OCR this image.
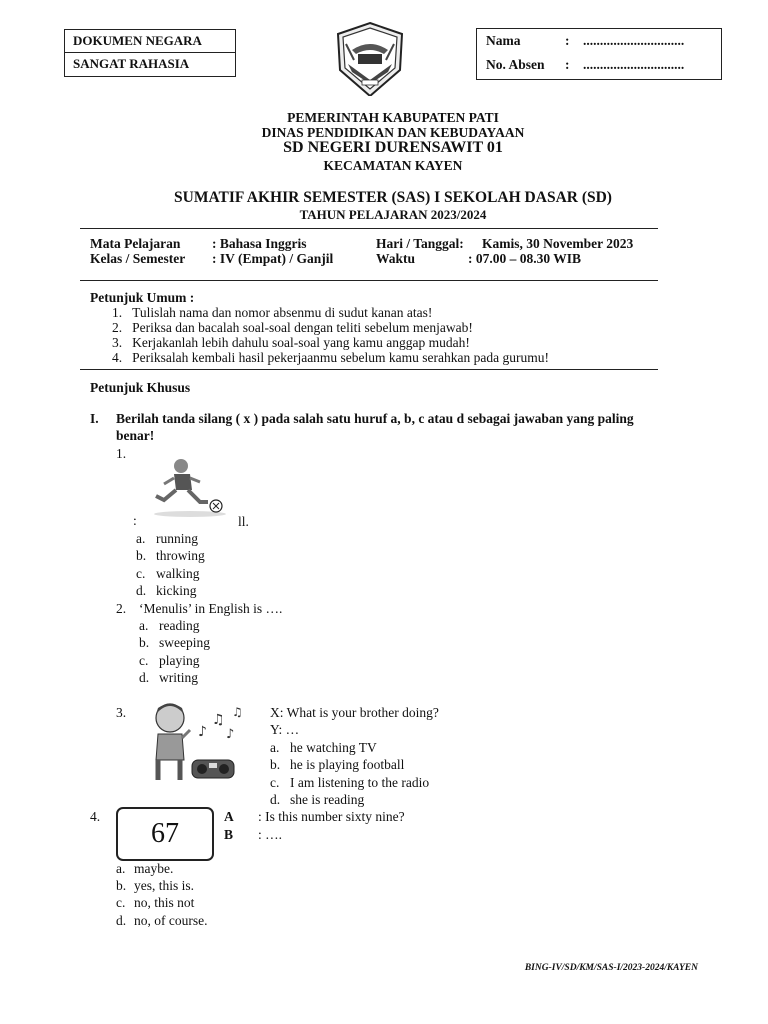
DOKUMEN NEGARA
SANGAT RAHASIA
Nama	: ..............................
No. Absen : ..............................
PEMERINTAH KABUPATEN PATI
DINAS PENDIDIKAN DAN KEBUDAYAAN
SD NEGERI DURENSAWIT 01
KECAMATAN KAYEN
SUMATIF AKHIR SEMESTER (SAS) I SEKOLAH DASAR (SD)
TAHUN PELAJARAN 2023/2024
Mata Pelajaran : Bahasa Inggris
Kelas / Semester : IV (Empat) / Ganjil
Hari / Tanggal: Kamis, 30 November 2023
Waktu	: 07.00 – 08.30 WIB
Petunjuk Umum :
1. Tulislah nama dan nomor absenmu di sudut kanan atas!
2. Periksa dan bacalah soal-soal dengan teliti sebelum menjawab!
3. Kerjakanlah lebih dahulu soal-soal yang kamu anggap mudah!
4. Periksalah kembali hasil pekerjaanmu sebelum kamu serahkan pada gurumu!
Petunjuk Khusus
I. Berilah tanda silang ( x ) pada salah satu huruf a, b, c atau d sebagai jawaban yang paling
benar!
1.
:	ll.
a. running
b. throwing
c. walking
d. kicking
2. ‘Menulis’ in English is ….
a. reading
b. sweeping
c. playing
d. writing
3.
♪
♫
♪
♫ X: What is your brother doing?
Y: …
a. he watching TV
b. he is playing football
c. I am listening to the radio
d. she is reading
4.
67
A : Is this number sixty nine?
B : ….
a. maybe.
b. yes, this is.
c. no, this not
d. no, of course.
BING-IV/SD/KM/SAS-I/2023-2024/KAYEN
